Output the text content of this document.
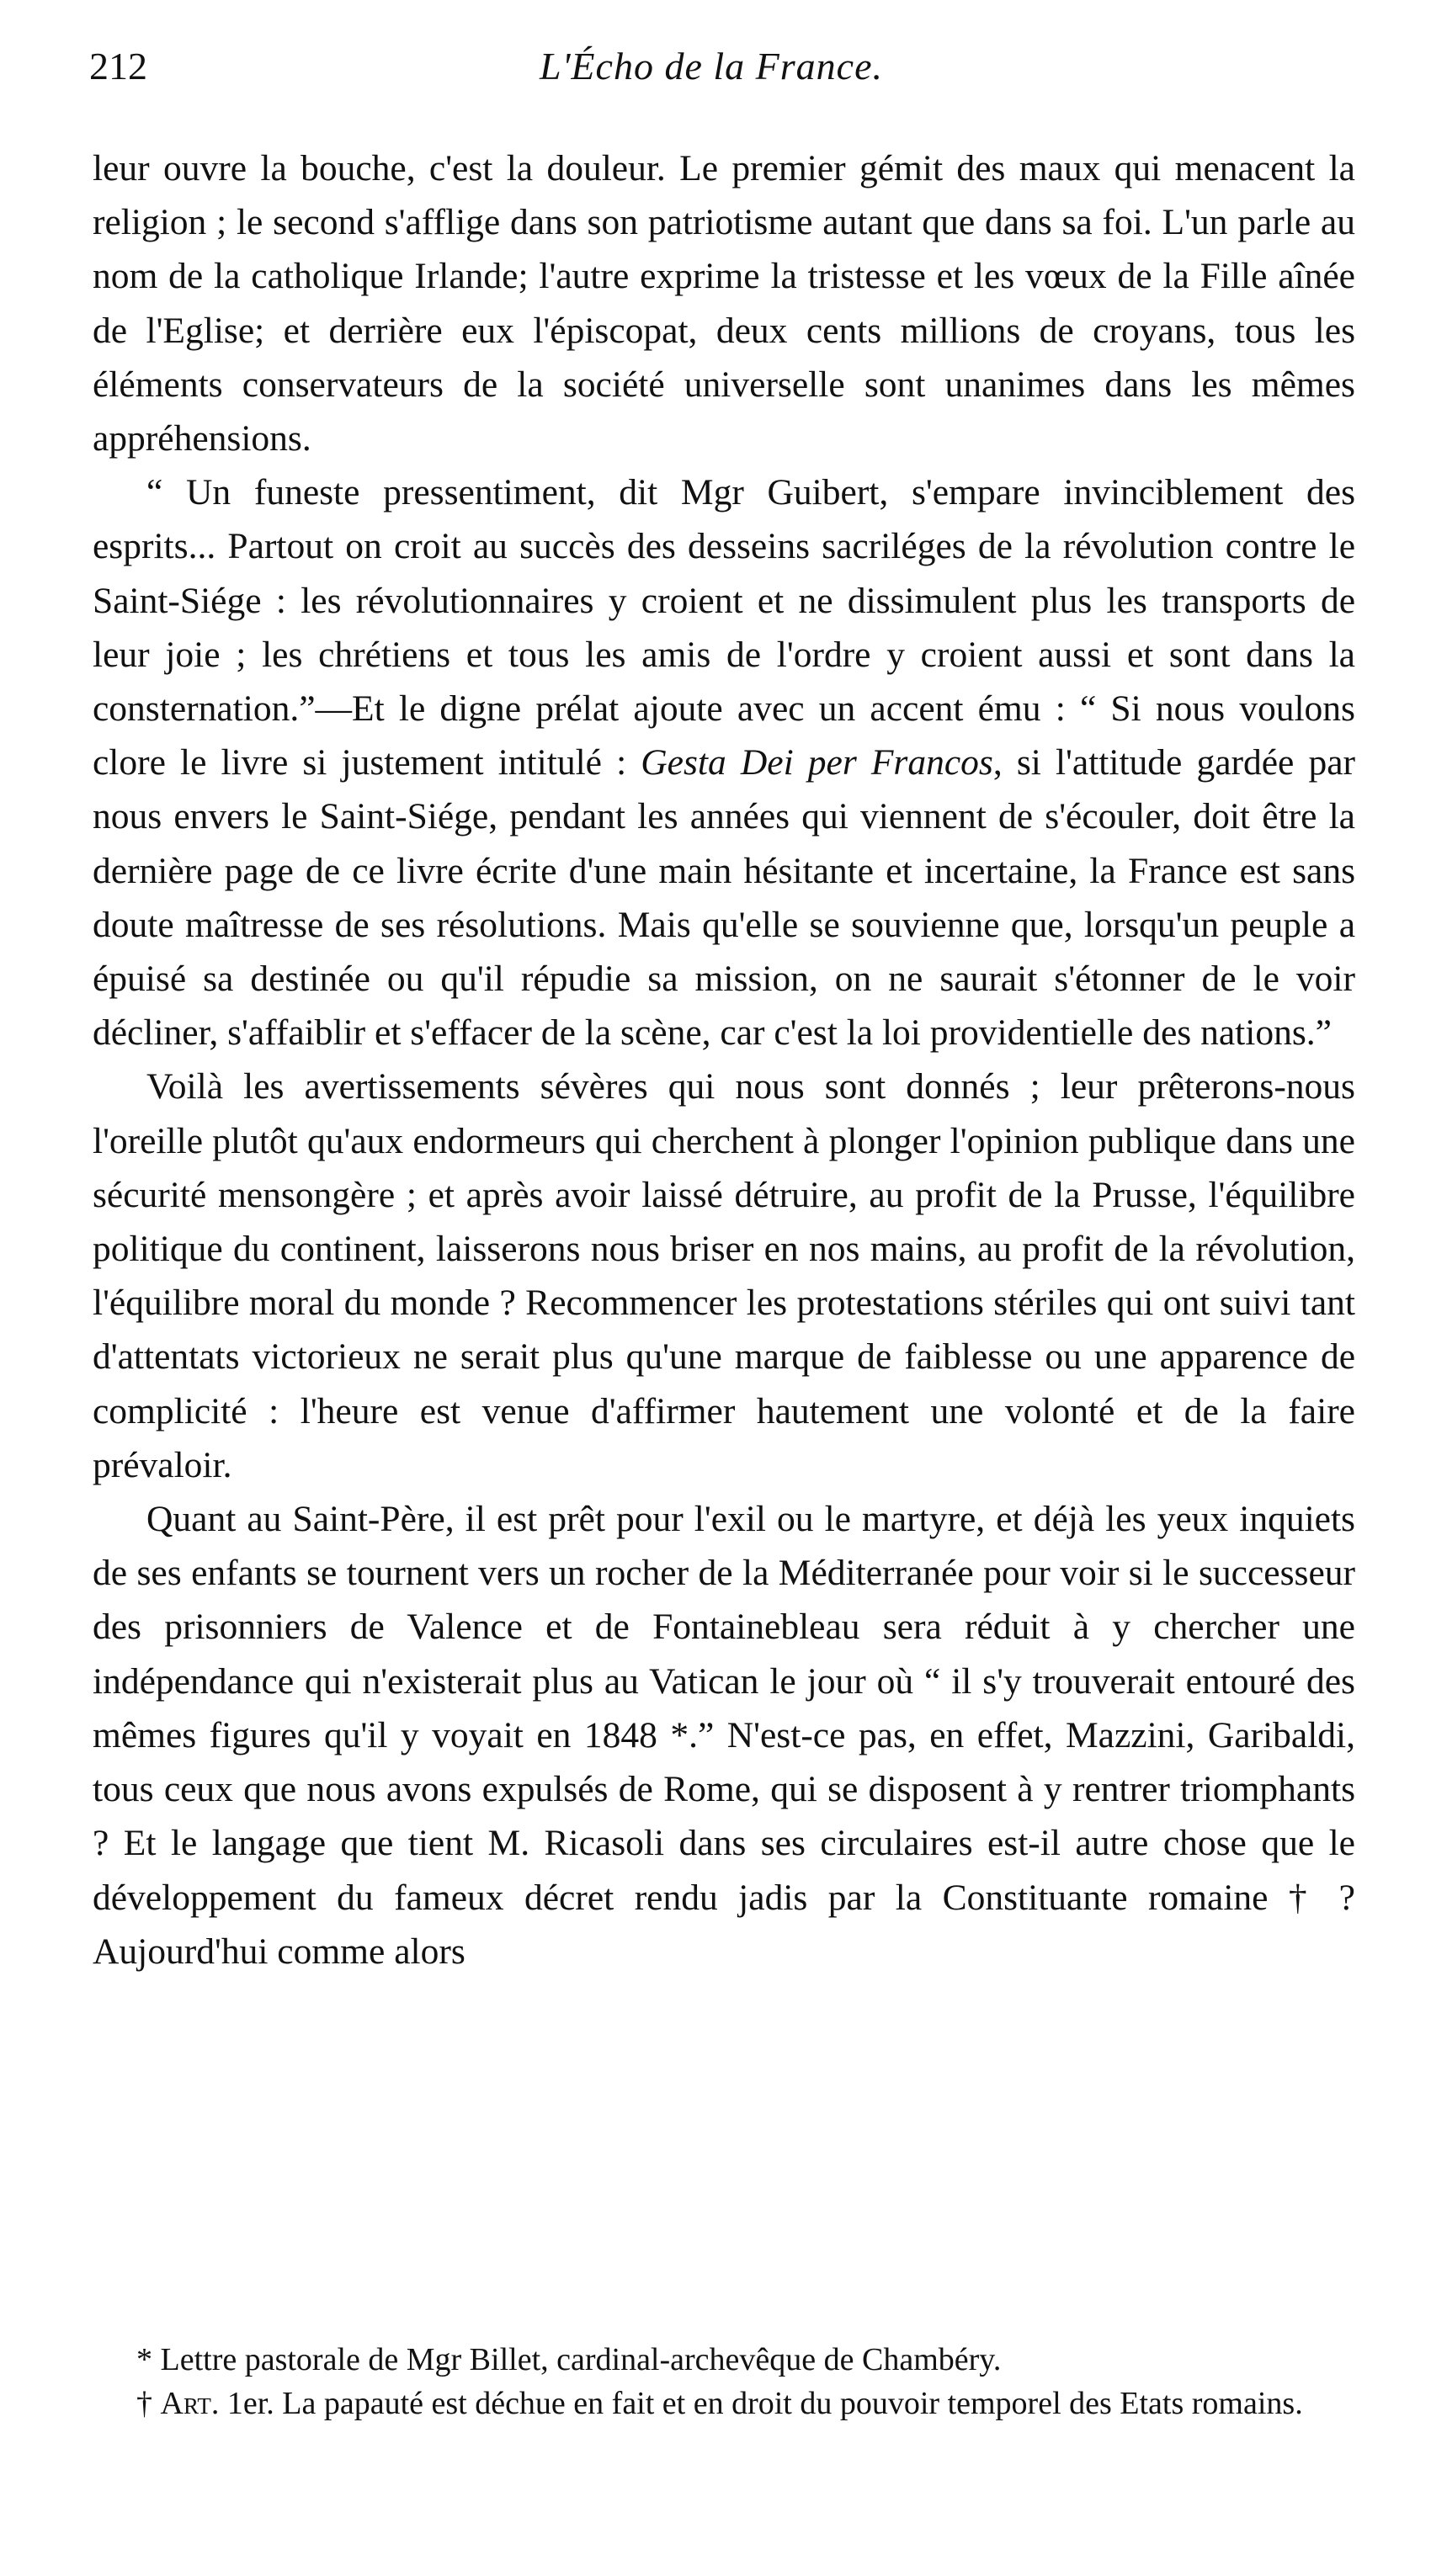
212	L'Écho de la France.

leur ouvre la bouche, c'est la douleur. Le premier gémit des maux qui menacent la religion ; le second s'afflige dans son patriotisme autant que dans sa foi. L'un parle au nom de la catholique Irlande; l'autre exprime la tristesse et les vœux de la Fille aînée de l'Eglise; et derrière eux l'épiscopat, deux cents millions de croyans, tous les éléments conservateurs de la société universelle sont unanimes dans les mêmes appréhensions.

“ Un funeste pressentiment, dit Mgr Guibert, s'empare invinciblement des esprits... Partout on croit au succès des desseins sacriléges de la révolution contre le Saint-Siége : les révolutionnaires y croient et ne dissimulent plus les transports de leur joie ; les chrétiens et tous les amis de l'ordre y croient aussi et sont dans la consternation.”—Et le digne prélat ajoute avec un accent ému : “ Si nous voulons clore le livre si justement intitulé : Gesta Dei per Francos, si l'attitude gardée par nous envers le Saint-Siége, pendant les années qui viennent de s'écouler, doit être la dernière page de ce livre écrite d'une main hésitante et incertaine, la France est sans doute maîtresse de ses résolutions. Mais qu'elle se souvienne que, lorsqu'un peuple a épuisé sa destinée ou qu'il répudie sa mission, on ne saurait s'étonner de le voir décliner, s'affaiblir et s'effacer de la scène, car c'est la loi providentielle des nations.”

Voilà les avertissements sévères qui nous sont donnés ; leur prêterons-nous l'oreille plutôt qu'aux endormeurs qui cherchent à plonger l'opinion publique dans une sécurité mensongère ; et après avoir laissé détruire, au profit de la Prusse, l'équilibre politique du continent, laisserons nous briser en nos mains, au profit de la révolution, l'équilibre moral du monde ? Recommencer les protestations stériles qui ont suivi tant d'attentats victorieux ne serait plus qu'une marque de faiblesse ou une apparence de complicité : l'heure est venue d'affirmer hautement une volonté et de la faire prévaloir.

Quant au Saint-Père, il est prêt pour l'exil ou le martyre, et déjà les yeux inquiets de ses enfants se tournent vers un rocher de la Méditerranée pour voir si le successeur des prisonniers de Valence et de Fontainebleau sera réduit à y chercher une indépendance qui n'existerait plus au Vatican le jour où “ il s'y trouverait entouré des mêmes figures qu'il y voyait en 1848 *.” N'est-ce pas, en effet, Mazzini, Garibaldi, tous ceux que nous avons expulsés de Rome, qui se disposent à y rentrer triomphants ? Et le langage que tient M. Ricasoli dans ses circulaires est-il autre chose que le développement du fameux décret rendu jadis par la Constituante romaine † ? Aujourd'hui comme alors

* Lettre pastorale de Mgr Billet, cardinal-archevêque de Chambéry.

† Art. 1er. La papauté est déchue en fait et en droit du pouvoir temporel des Etats romains.
